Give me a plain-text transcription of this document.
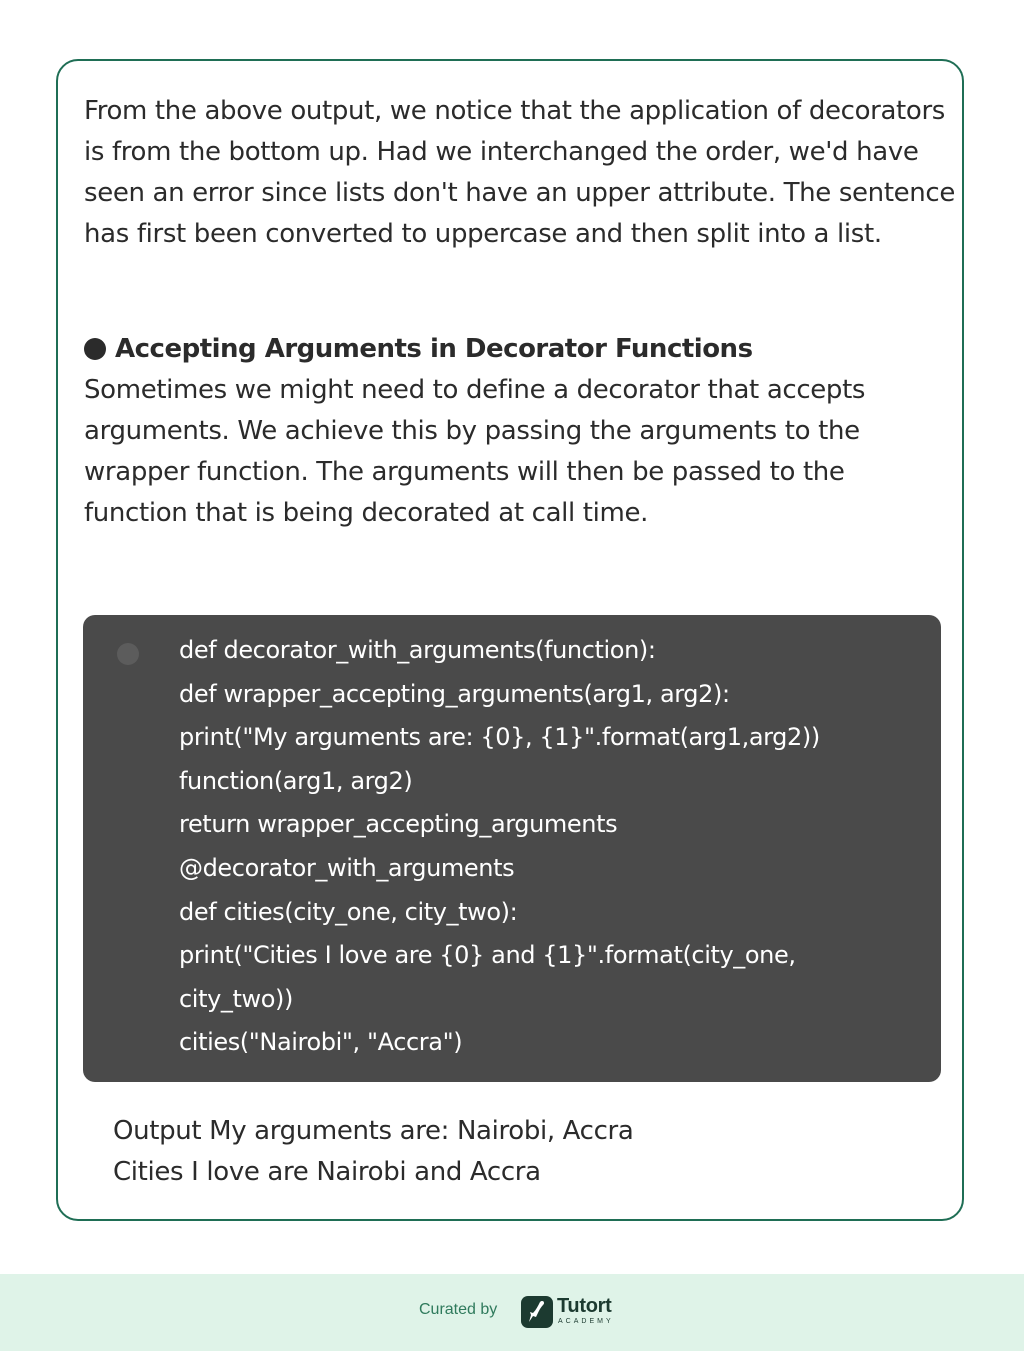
From the above output, we notice that the application of decorators is from the bottom up. Had we interchanged the order, we'd have seen an error since lists don't have an upper attribute. The sentence has first been converted to uppercase and then split into a list.

Accepting Arguments in Decorator Functions

Sometimes we might need to define a decorator that accepts arguments. We achieve this by passing the arguments to the wrapper function. The arguments will then be passed to the function that is being decorated at call time.

def decorator_with_arguments(function):
def wrapper_accepting_arguments(arg1, arg2):
print("My arguments are: {0}, {1}".format(arg1,arg2))
function(arg1, arg2)
return wrapper_accepting_arguments
@decorator_with_arguments
def cities(city_one, city_two):
print("Cities I love are {0} and {1}".format(city_one,
city_two))
cities("Nairobi", "Accra")
Output My arguments are: Nairobi, Accra
Cities I love are Nairobi and Accra
Curated by	Tutort
ACADEMY
